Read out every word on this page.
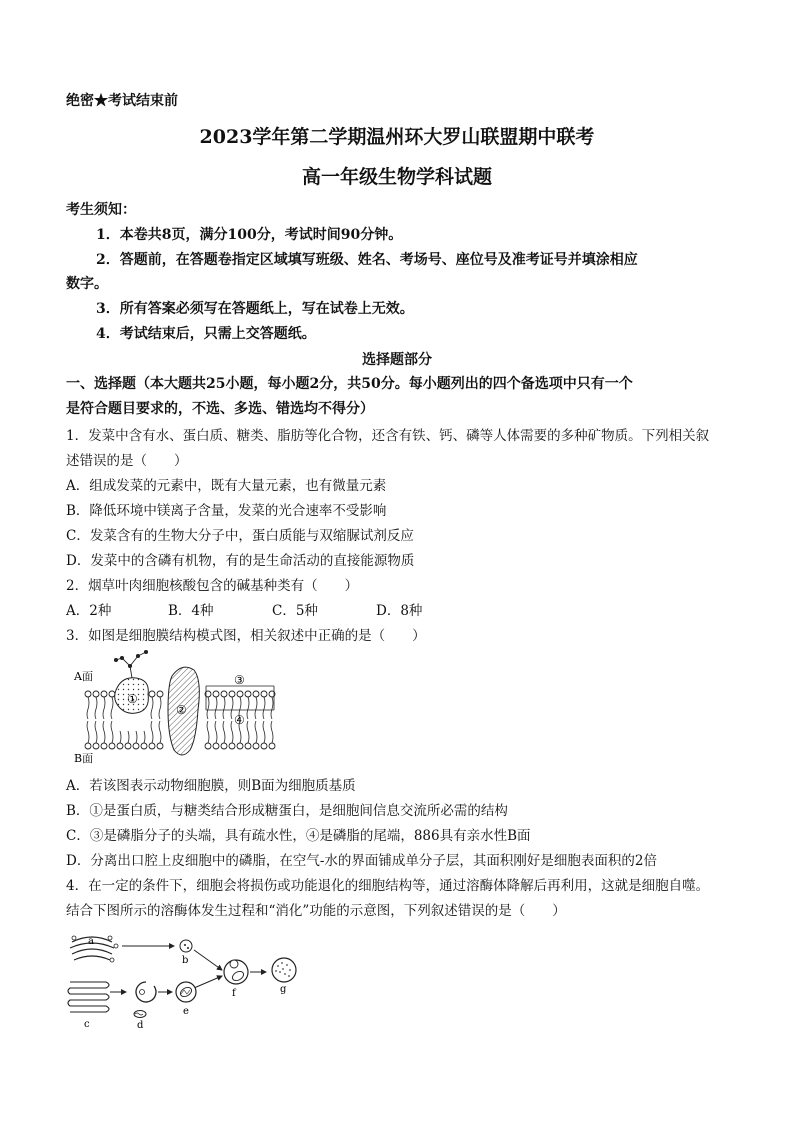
绝密★考试结束前
2023学年第二学期温州环大罗山联盟期中联考
高一年级生物学科试题
考生须知：
1．本卷共8页，满分100分，考试时间90分钟。
2．答题前，在答题卷指定区域填写班级、姓名、考场号、座位号及准考证号并填涂相应
数字。
3．所有答案必须写在答题纸上，写在试卷上无效。
4．考试结束后，只需上交答题纸。
选择题部分
一、选择题（本大题共25小题，每小题2分，共50分。每小题列出的四个备选项中只有一个
是符合题目要求的，不选、多选、错选均不得分）
1．发菜中含有水、蛋白质、糖类、脂肪等化合物，还含有铁、钙、磷等人体需要的多种矿物质。下列相关叙
述错误的是（　　）
A．组成发菜的元素中，既有大量元素，也有微量元素
B．降低环境中镁离子含量，发菜的光合速率不受影响
C．发菜含有的生物大分子中，蛋白质能与双缩脲试剂反应
D．发菜中的含磷有机物，有的是生命活动的直接能源物质
2．烟草叶肉细胞核酸包含的碱基种类有（　　）
A．2种	B．4种	C．5种	D．8种
3．如图是细胞膜结构模式图，相关叙述中正确的是（　　）
A面
B面
①
②
③
④
A．若该图表示动物细胞膜，则B面为细胞质基质
B．①是蛋白质，与糖类结合形成糖蛋白，是细胞间信息交流所必需的结构
C．③是磷脂分子的头端，具有疏水性，④是磷脂的尾端，886具有亲水性B面
D．分离出口腔上皮细胞中的磷脂，在空气-水的界面铺成单分子层，其面积刚好是细胞表面积的2倍
4．在一定的条件下，细胞会将损伤或功能退化的细胞结构等，通过溶酶体降解后再利用，这就是细胞自噬。
结合下图所示的溶酶体发生过程和“消化”功能的示意图，下列叙述错误的是（　　）
a
b
c	d
e
f	g
